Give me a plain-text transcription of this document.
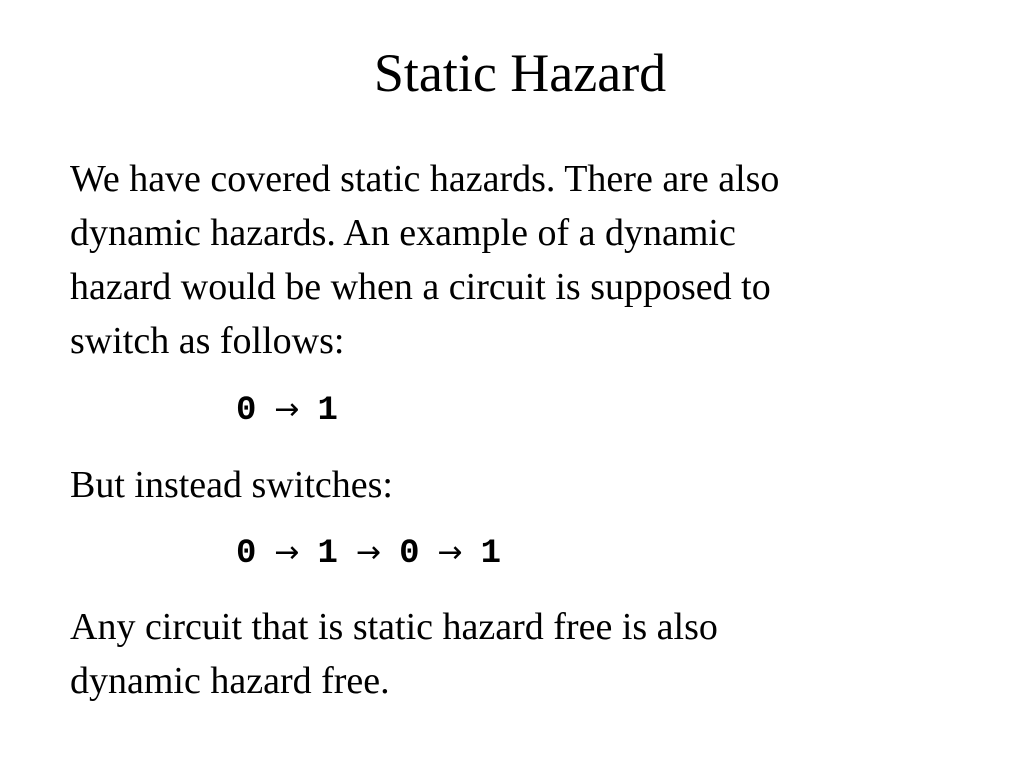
Static Hazard

We have covered static hazards. There are also
dynamic hazards. An example of a dynamic
hazard would be when a circuit is supposed to
switch as follows:

0 → 1

But instead switches:

0 → 1 → 0 → 1

Any circuit that is static hazard free is also
dynamic hazard free.
